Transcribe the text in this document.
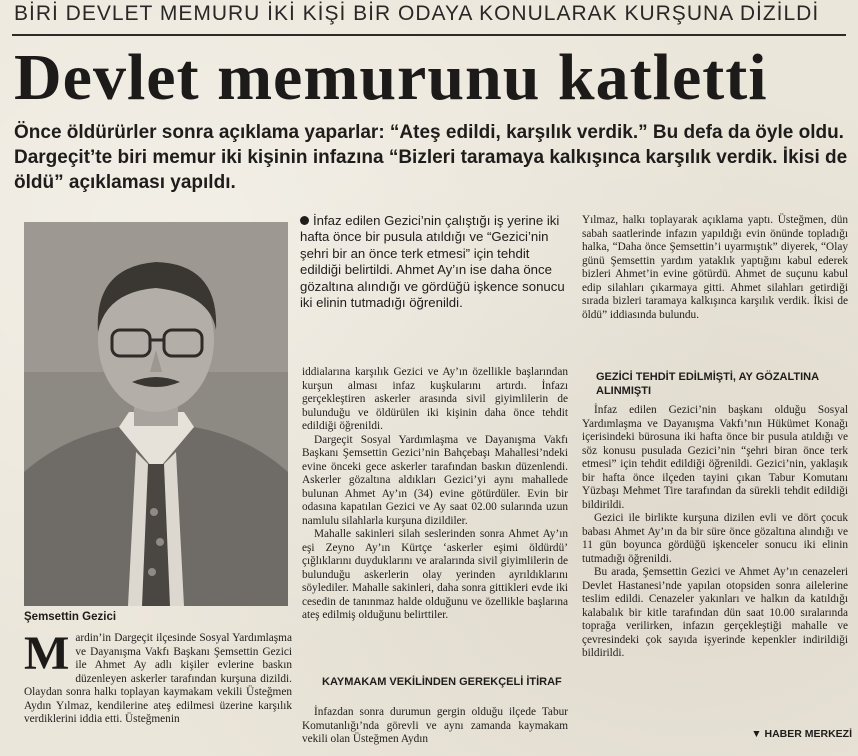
BİRİ DEVLET MEMURU İKİ KİŞİ BİR ODAYA KONULARAK KURŞUNA DİZİLDİ
Devlet memurunu katletti
Önce öldürürler sonra açıklama yaparlar: “Ateş edildi, karşılık verdik.” Bu defa da öyle oldu. Dargeçit’te biri memur iki kişinin infazına “Bizleri taramaya kalkışınca karşılık verdik. İkisi de öldü” açıklaması yapıldı.
Şemsettin Gezici
İnfaz edilen Gezici’nin çalıştığı iş yerine iki hafta önce bir pusula atıldığı ve “Gezici’nin şehri bir an önce terk etmesi” için tehdit edildiği belirtildi. Ahmet Ay’ın ise daha önce gözaltına alındığı ve gördüğü işkence sonucu iki elinin tutmadığı öğrenildi.
M ardin’in Dargeçit ilçesinde Sosyal Yardımlaşma ve Dayanışma Vakfı Başkanı Şemsettin Gezici ile Ahmet Ay adlı kişiler evlerine baskın düzenleyen askerler tarafından kurşuna dizildi. Olaydan sonra halkı toplayan kaymakam vekili Üsteğmen Aydın Yılmaz, kendilerine ateş edilmesi üzerine karşılık verdiklerini iddia etti. Üsteğmenin

iddialarına karşılık Gezici ve Ay’ın özellikle başlarından kurşun alması infaz kuşkularını artırdı. İnfazı gerçekleştiren askerler arasında sivil giyimlilerin de bulunduğu ve öldürülen iki kişinin daha önce tehdit edildiği öğrenildi.

Dargeçit Sosyal Yardımlaşma ve Dayanışma Vakfı Başkanı Şemsettin Gezici’nin Bahçebaşı Mahallesi’ndeki evine önceki gece askerler tarafından baskın düzenlendi. Askerler gözaltına aldıkları Gezici’yi aynı mahallede bulunan Ahmet Ay’ın (34) evine götürdüler. Evin bir odasına kapatılan Gezici ve Ay saat 02.00 sularında uzun namlulu silahlarla kurşuna dizildiler.

Mahalle sakinleri silah seslerinden sonra Ahmet Ay’ın eşi Zeyno Ay’ın Kürtçe ‘askerler eşimi öldürdü’ çığlıklarını duyduklarını ve aralarında sivil giyimlilerin de bulunduğu askerlerin olay yerinden ayrıldıklarını söylediler. Mahalle sakinleri, daha sonra gittikleri evde iki cesedin de tanınmaz halde olduğunu ve özellikle başlarına ateş edilmiş olduğunu belirttiler.

KAYMAKAM VEKİLİNDEN GEREKÇELİ İTİRAF

İnfazdan sonra durumun gergin olduğu ilçede Tabur Komutanlığı’nda görevli ve aynı zamanda kaymakam vekili olan Üsteğmen Aydın

Yılmaz, halkı toplayarak açıklama yaptı. Üsteğmen, dün sabah saatlerinde infazın yapıldığı evin önünde topladığı halka, “Daha önce Şemsettin’i uyarmıştık” diyerek, “Olay günü Şemsettin yardım yataklık yaptığını kabul ederek bizleri Ahmet’in evine götürdü. Ahmet de suçunu kabul edip silahları çıkarmaya gitti. Ahmet silahları getirdiği sırada bizleri taramaya kalkışınca karşılık verdik. İkisi de öldü” iddiasında bulundu.

GEZİCİ TEHDİT EDİLMİŞTİ, AY GÖZALTINA ALINMIŞTI

İnfaz edilen Gezici’nin başkanı olduğu Sosyal Yardımlaşma ve Dayanışma Vakfı’nın Hükümet Konağı içerisindeki bürosuna iki hafta önce bir pusula atıldığı ve söz konusu pusulada Gezici’nin “şehri biran önce terk etmesi” için tehdit edildiği öğrenildi. Gezici’nin, yaklaşık bir hafta önce ilçeden tayini çıkan Tabur Komutanı Yüzbaşı Mehmet Tire tarafından da sürekli tehdit edildiği bildirildi.

Gezici ile birlikte kurşuna dizilen evli ve dört çocuk babası Ahmet Ay’ın da bir süre önce gözaltına alındığı ve 11 gün boyunca gördüğü işkenceler sonucu iki elinin tutmadığı öğrenildi.

Bu arada, Şemsettin Gezici ve Ahmet Ay’ın cenazeleri Devlet Hastanesi’nde yapılan otopsiden sonra ailelerine teslim edildi. Cenazeler yakınları ve halkın da katıldığı kalabalık bir kitle tarafından dün saat 10.00 sıralarında toprağa verilirken, infazın gerçekleştiği mahalle ve çevresindeki çok sayıda işyerinde kepenkler indirildiği bildirildi.

▼ HABER MERKEZİ
